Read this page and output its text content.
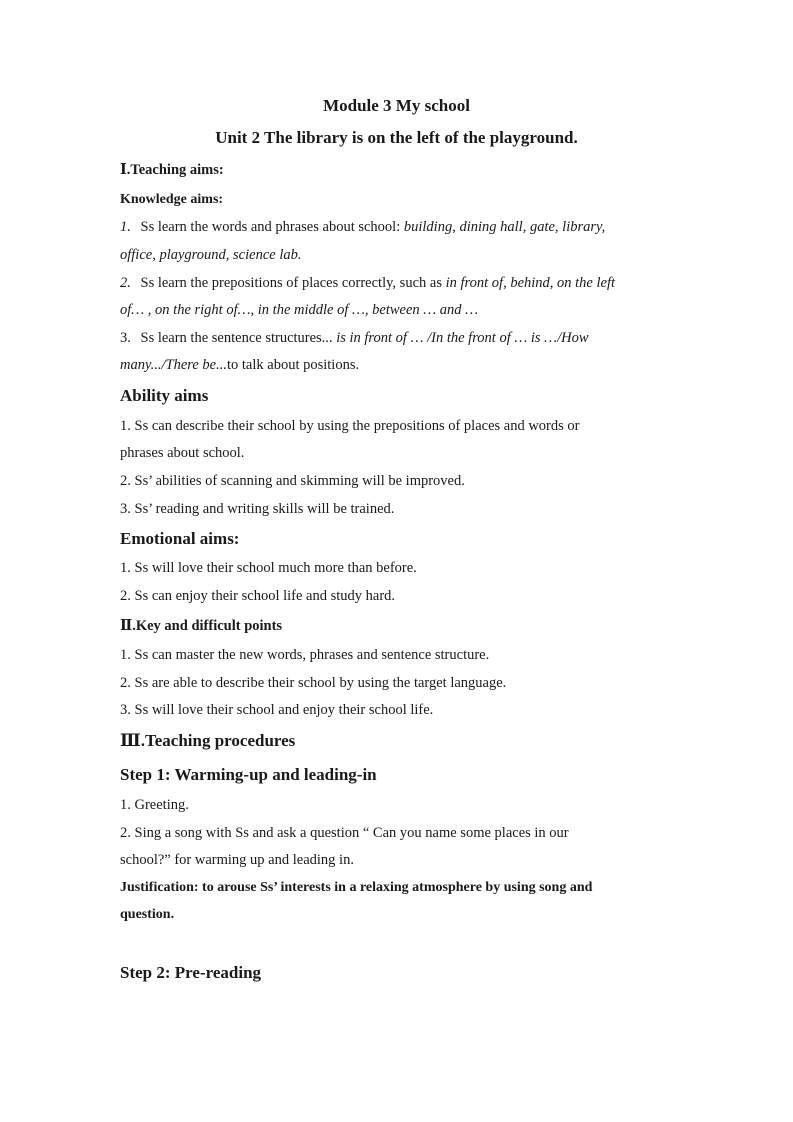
Module 3 My school
Unit 2 The library is on the left of the playground.
Ⅰ.Teaching aims:
Knowledge aims:
1. Ss learn the words and phrases about school: building, dining hall, gate, library,
office, playground, science lab.
2. Ss learn the prepositions of places correctly, such as in front of, behind, on the left
of… , on the right of…, in the middle of …, between … and …
3. Ss learn the sentence structures... is in front of … /In the front of … is …/How
many.../There be...to talk about positions.
Ability aims
1. Ss can describe their school by using the prepositions of places and words or
phrases about school.
2. Ss’ abilities of scanning and skimming will be improved.
3. Ss’ reading and writing skills will be trained.
Emotional aims:
1. Ss will love their school much more than before.
2. Ss can enjoy their school life and study hard.
Ⅱ.Key and difficult points
1. Ss can master the new words, phrases and sentence structure.
2. Ss are able to describe their school by using the target language.
3. Ss will love their school and enjoy their school life.
Ⅲ.Teaching procedures
Step 1: Warming-up and leading-in
1. Greeting.
2. Sing a song with Ss and ask a question “ Can you name some places in our
school?” for warming up and leading in.
Justification: to arouse Ss’ interests in a relaxing atmosphere by using song and
question.
Step 2: Pre-reading
